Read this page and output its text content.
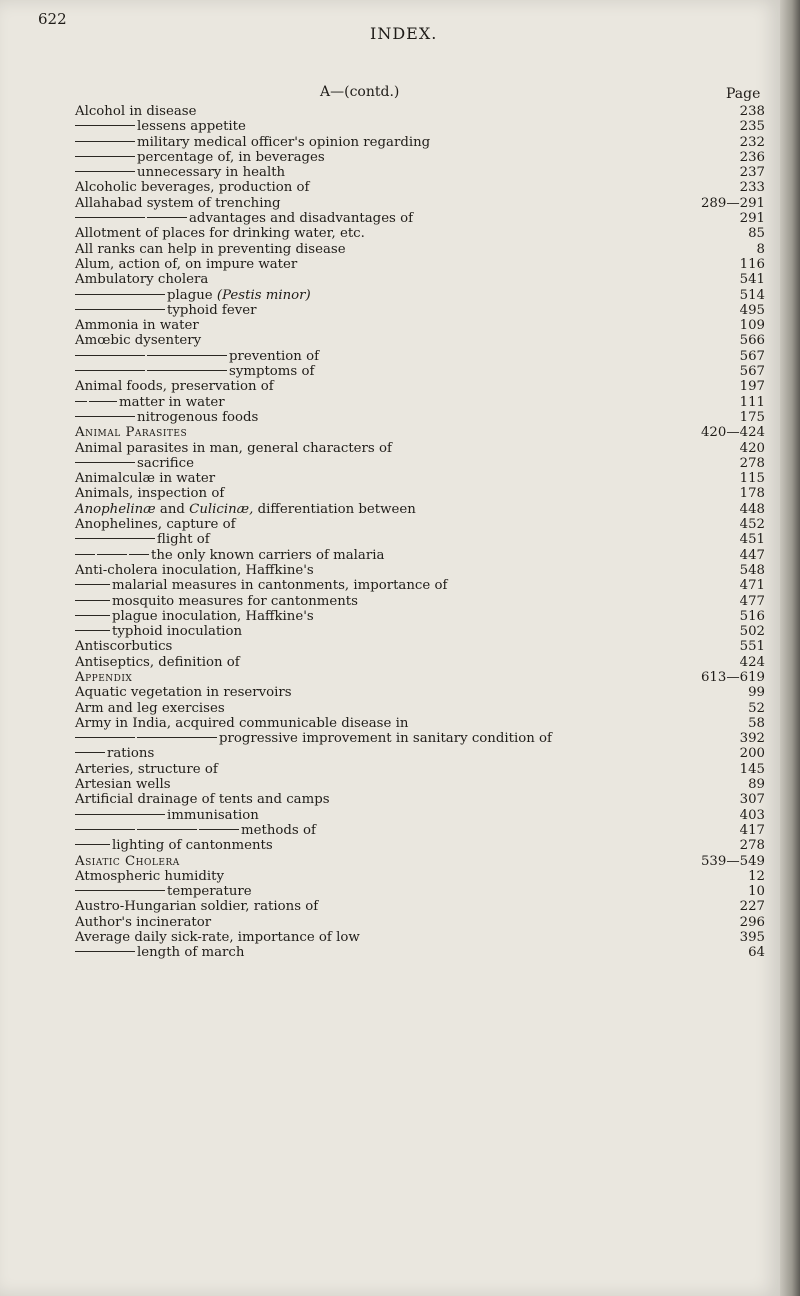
622
INDEX.
A—(contd.)	Page
Alcohol in disease	238
lessens appetite	235
military medical officer's opinion regarding	232
percentage of, in beverages	236
unnecessary in health	237
Alcoholic beverages, production of	233
Allahabad system of trenching	289—291
advantages and disadvantages of	291
Allotment of places for drinking water, etc.	85
All ranks can help in preventing disease	8
Alum, action of, on impure water	116
Ambulatory cholera	541
plague (Pestis minor)	514
typhoid fever	495
Ammonia in water	109
Amœbic dysentery	566
prevention of	567
symptoms of	567
Animal foods, preservation of	197
matter in water	111
nitrogenous foods	175
Animal Parasites	420—424
Animal parasites in man, general characters of	420
sacrifice	278
Animalculæ in water	115
Animals, inspection of	178
Anophelinæ and Culicinæ, differentiation between	448
Anophelines, capture of	452
flight of	451
the only known carriers of malaria	447
Anti-cholera inoculation, Haffkine's	548
malarial measures in cantonments, importance of	471
mosquito measures for cantonments	477
plague inoculation, Haffkine's	516
typhoid inoculation	502
Antiscorbutics	551
Antiseptics, definition of	424
Appendix	613—619
Aquatic vegetation in reservoirs	99
Arm and leg exercises	52
Army in India, acquired communicable disease in	58
progressive improvement in sanitary condition of	392
rations	200
Arteries, structure of	145
Artesian wells	89
Artificial drainage of tents and camps	307
immunisation	403
methods of	417
lighting of cantonments	278
Asiatic Cholera	539—549
Atmospheric humidity	12
temperature	10
Austro-Hungarian soldier, rations of	227
Author's incinerator	296
Average daily sick-rate, importance of low	395
length of march	64
